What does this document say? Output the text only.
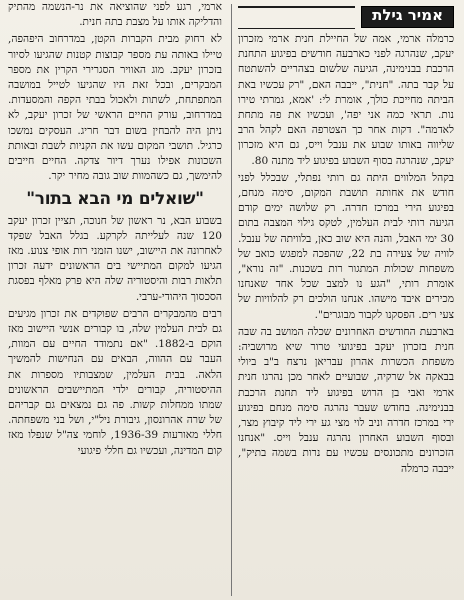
אמיר גילת

כרמלה ארמי, אמה של החיילת חנית ארמי מזכרון יעקב, שנהרגה לפני כארבעה חודשים בפיגוע התחנת הרכבת בבנימינה, הגיעה שלשום בצהריים להשתטח על קבר בתה. "חנית", ייבבה האם, "רק עכשיו באת הביתה מחייכת כולך, אומרת לי: 'אמא, גמרתי טירו נות. תראי כמה אני יפה', ועכשיו את פה מתחת לאדמה". דקות אחר כך הצטרפה האם לקהל הרב שליווה באותו שבוע את ענבל וייס, גם היא מזכרון יעקב, שנהרגה בסוף השבוע בפיגוע ליד מתנה 80.

בקהל המלווים היתה גם רותי נפתלי, שבכלל לפני חודש את אחותה תושבת המקום, סימה מנחם, בפיגוע הירי במרכז חדרה. רק שלושה ימים קודם הגיעה רותי לבית העלמין, לטקס גילוי המצבה בתום 30 ימי האבל, והנה היא שוב כאן, בלוויתה של ענבל. לוויה של צעירה בת 22, שהפכה למפגש כואב של משפחות שכולות המתגור רות בשכנות. "זה נורא", אומרת רותי, "הגע נו למצב שכל אחד שאנחנו מכירים איבד מישהו. אנחנו הולכים רק להלוויות של צעי רים. הפסקנו לקבור מבוגרים".

בארבעת החודשים האחרונים שכלה המושב בה שבה חנית בזכרון יעקב בפיגועי טרור שיא מרושביה: משפחת הכשרות אהרון עבריאן נרצח ב"ב ביולי בבאקה אל שרקיה, שבועיים לאחר מכן נהרגו חנית ארמי ואבי בן הרוש בפיגוע ליד תחנת הרכבת בבנימינה. בחודש שעבר נהרגה סימה מנחם בפיגוע ירי במרכז חדרה וניב לוי מצי גע ירי ליד קיבוץ מצר, ובסוף השבוע האחרון נהרגה ענבל וייס. "אנחנו הזכרונים מתכונסים עכשיו עם נרות בשמה בתיק", ייבבה כרמלה

ארמי, רגע לפני שהוציאה את נר-הנשמה מהתיק והדליקה אותו על מצבת בתה חנית.

לא רחוק מבית הקברות הקטן, במדרחוב היפהפה, טיילו באותה עת מספר קבוצות קטנות שהגיעו לסיור בזכרון יעקב. מוג האוויר הסגרירי הקרין את מספר המבקרים, ובכל זאת היו שהגיעו לטייל במושבה המתפתחת, לשתות ולאכול בבתי הקפה והמסעדות. במדרחוב, עורק החיים הראשי של זכרון יעקב, לא ניתן היה להבחין בשום דבר חריג. העסקים נמשכו כרגיל. תושבי המקום עשו את הקניות לשבת ובאותת השכונות אפילו נערך דיור צדקה. החיים חייבים להימשך, גם כשהמוות שוב גובה מחיר יקר.

"שואלים מי הבא בתור"

בשבוע הבא, נר ראשון של חנוכה, תציין זכרון יעקב 120 שנה לעלייתה לקרקע. בגלל האבל שפקד לאחרונה את היישוב, ישנו הזמני רות אופי צנוע. מאז הגיעו למקום המתיישי בים הראשונים ידעה זכרון תלאות רבות והיסטוריה שלה היא פרק מאלף בפסגת הסכסוך היהודי-ערבי.

רבים מהמבקרים הרבים שפוקדים את זכרון מגיעים גם לבית העלמין שלה, בו קבורים אנשי היישוב מאז הוקם ב-1882. "אם נתמודד החיים עם המוות, העבר עם ההווה, הבאים עם הנחישות להמשיך הלאה. בבית העלמין, שמצבותיו מספרות את ההיסטוריה, קבורים ילדי המתיישבים הראשונים שמתו ממחלות קשות. פה גם נמצאים גם קבריהם של שרה אהרונסון, גיבורת ניל"י, ושל בני משפחתה. חללי מאורעות 1936-39, לוחמי צה"ל שנפלו מאז קום המדינה, ועכשיו גם חללי פיגועי
